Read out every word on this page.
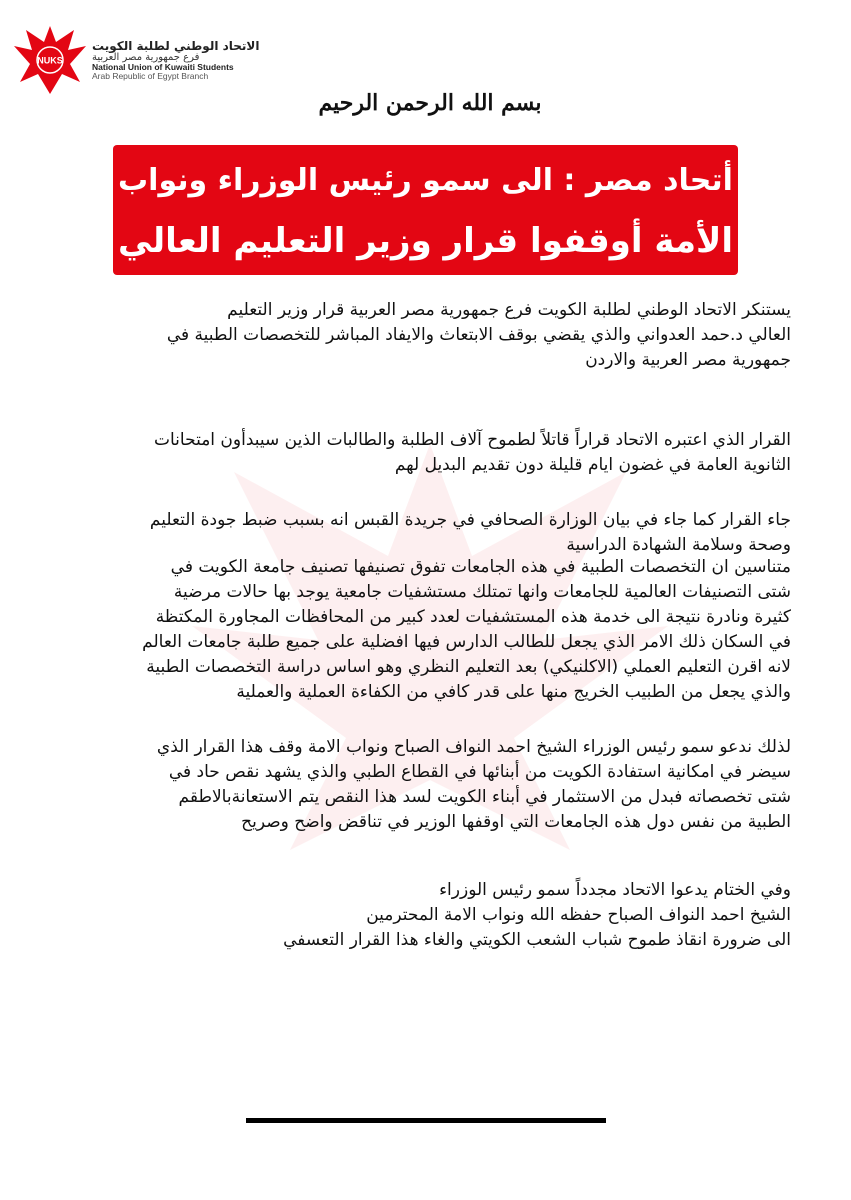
NUKS
الاتحاد الوطني لطلبة الكويت
فرع جمهورية مصر العربية
National Union of Kuwaiti Students
Arab Republic of Egypt Branch
بسم الله الرحمن الرحيم
أتحاد مصر : الى سمو رئيس الوزراء ونواب
الأمة أوقفوا قرار وزير التعليم العالي
يستنكر الاتحاد الوطني لطلبة الكويت فرع جمهورية مصر العربية قرار وزير التعليم
العالي د.حمد العدواني والذي يقضي بوقف الابتعاث والايفاد المباشر للتخصصات الطبية في
جمهورية مصر العربية والاردن
القرار الذي اعتبره الاتحاد قراراً قاتلاً لطموح آلاف الطلبة والطالبات الذين سيبدأون امتحانات
الثانوية العامة في غضون ايام قليلة دون تقديم البديل لهم
جاء القرار كما جاء في بيان الوزارة الصحافي في جريدة القبس انه بسبب ضبط جودة التعليم
وصحة وسلامة الشهادة الدراسية
متناسين ان التخصصات الطبية في هذه الجامعات تفوق تصنيفها تصنيف جامعة الكويت في
شتى التصنيفات العالمية للجامعات وانها تمتلك مستشفيات جامعية يوجد بها حالات مرضية
كثيرة ونادرة نتيجة الى خدمة هذه المستشفيات لعدد كبير من المحافظات المجاورة المكتظة
في السكان ذلك الامر الذي يجعل للطالب الدارس فيها افضلية على جميع طلبة جامعات العالم
لانه اقرن التعليم العملي (الاكلنيكي) بعد التعليم النظري وهو اساس دراسة التخصصات الطبية
والذي يجعل من الطبيب الخريج منها على قدر كافي من الكفاءة العملية والعملية
لذلك ندعو سمو رئيس الوزراء الشيخ احمد النواف الصباح ونواب الامة وقف هذا القرار الذي
سيضر في امكانية استفادة الكويت من أبنائها في القطاع الطبي والذي يشهد نقص حاد في
شتى تخصصاته فبدل من الاستثمار في أبناء الكويت لسد هذا النقص يتم الاستعانةبالاطقم
الطبية من نفس دول هذه الجامعات التي اوقفها الوزير في تناقض واضح وصريح
وفي الختام يدعوا الاتحاد مجدداً سمو رئيس الوزراء
الشيخ احمد النواف الصباح حفظه الله ونواب الامة المحترمين
الى ضرورة انقاذ طموح شباب الشعب الكويتي والغاء هذا القرار التعسفي
